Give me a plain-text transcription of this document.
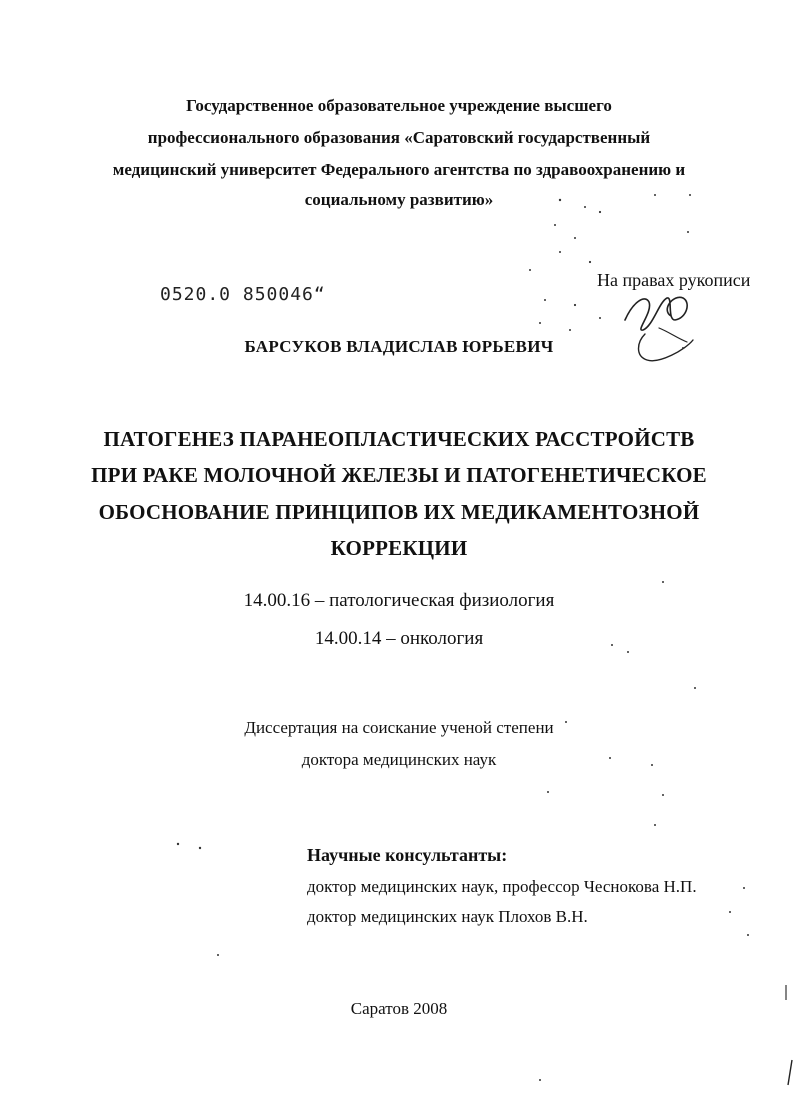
Государственное образовательное учреждение высшего
профессионального образования «Саратовский государственный
медицинский университет Федерального агентства по здравоохранению и
социальному развитию»
0520.0 850046“
На правах рукописи
БАРСУКОВ ВЛАДИСЛАВ ЮРЬЕВИЧ
ПАТОГЕНЕЗ ПАРАНЕОПЛАСТИЧЕСКИХ РАССТРОЙСТВ
ПРИ РАКЕ МОЛОЧНОЙ ЖЕЛЕЗЫ И ПАТОГЕНЕТИЧЕСКОЕ
ОБОСНОВАНИЕ ПРИНЦИПОВ ИХ МЕДИКАМЕНТОЗНОЙ
КОРРЕКЦИИ
14.00.16 – патологическая физиология
14.00.14 – онкология
Диссертация на соискание ученой степени
доктора медицинских наук
Научные консультанты:
доктор медицинских наук, профессор Чеснокова Н.П.
доктор медицинских наук Плохов В.Н.
Саратов 2008
